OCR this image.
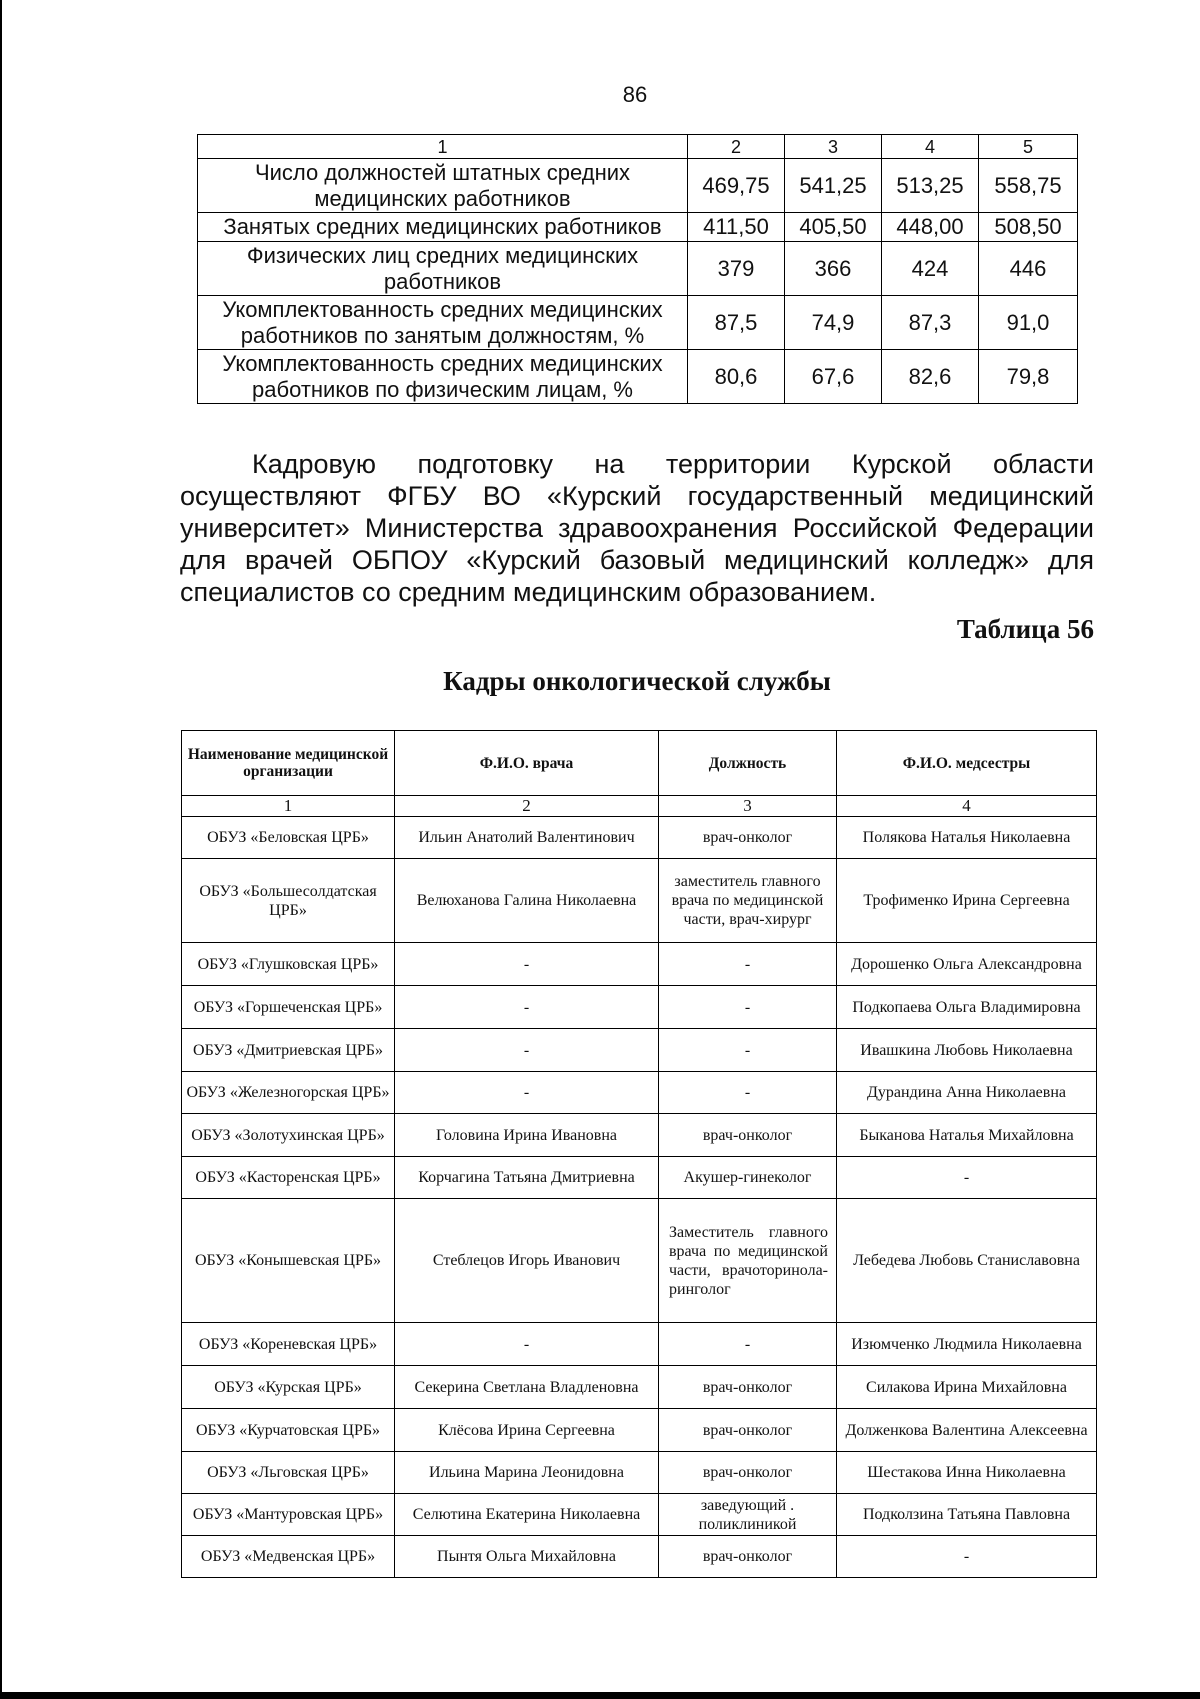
86
1	2	3	4	5
Число должностей штатных средних медицинских работников	469,75	541,25	513,25	558,75
Занятых средних медицинских работников	411,50	405,50	448,00	508,50
Физических лиц средних медицинских работников	379	366	424	446
Укомплектованность средних медицинских работников по занятым должностям, %	87,5	74,9	87,3	91,0
Укомплектованность средних медицинских работников по физическим лицам, %	80,6	67,6	82,6	79,8

Кадровую подготовку на территории Курской области осуществляют ФГБУ ВО «Курский государственный медицинский университет» Министерства здравоохранения Российской Федерации для врачей ОБПОУ «Курский базовый медицинский колледж» для специалистов со средним медицинским образованием.

Таблица 56
Кадры онкологической службы
Наименование медицинской организации	Ф.И.О. врача	Должность	Ф.И.О. медсестры
1	2	3	4
ОБУЗ «Беловская ЦРБ»	Ильин Анатолий Валентинович	врач-онколог	Полякова Наталья Николаевна
ОБУЗ «Большесолдатская ЦРБ»	Велюханова Галина Николаевна	заместитель главного врача по медицинской части, врач-хирург	Трофименко Ирина Сергеевна
ОБУЗ «Глушковская ЦРБ»	-	-	Дорошенко Ольга Александровна
ОБУЗ «Горшеченская ЦРБ»	-	-	Подкопаева Ольга Владимировна
ОБУЗ «Дмитриевская ЦРБ»	-	-	Ивашкина Любовь Николаевна
ОБУЗ «Железногорская ЦРБ»	-	-	Дурандина Анна Николаевна
ОБУЗ «Золотухинская ЦРБ»	Головина Ирина Ивановна	врач-онколог	Быканова Наталья Михайловна
ОБУЗ «Касторенская ЦРБ»	Корчагина Татьяна Дмитриевна	Акушер-гинеколог	-
ОБУЗ «Конышевская ЦРБ»	Стеблецов Игорь Иванович	Заместитель главного врача по медицинской части, врачоторинола-ринголог	Лебедева Любовь Станиславовна
ОБУЗ «Кореневская ЦРБ»	-	-	Изюмченко Людмила Николаевна
ОБУЗ «Курская ЦРБ»	Секерина Светлана Владленовна	врач-онколог	Силакова Ирина Михайловна
ОБУЗ «Курчатовская ЦРБ»	Клёсова Ирина Сергеевна	врач-онколог	Долженкова Валентина Алексеевна
ОБУЗ «Льговская ЦРБ»	Ильина Марина Леонидовна	врач-онколог	Шестакова Инна Николаевна
ОБУЗ «Мантуровская ЦРБ»	Селютина Екатерина Николаевна	заведующий . поликлиникой	Подколзина Татьяна Павловна
ОБУЗ «Медвенская ЦРБ»	Пынтя Ольга Михайловна	врач-онколог	-
